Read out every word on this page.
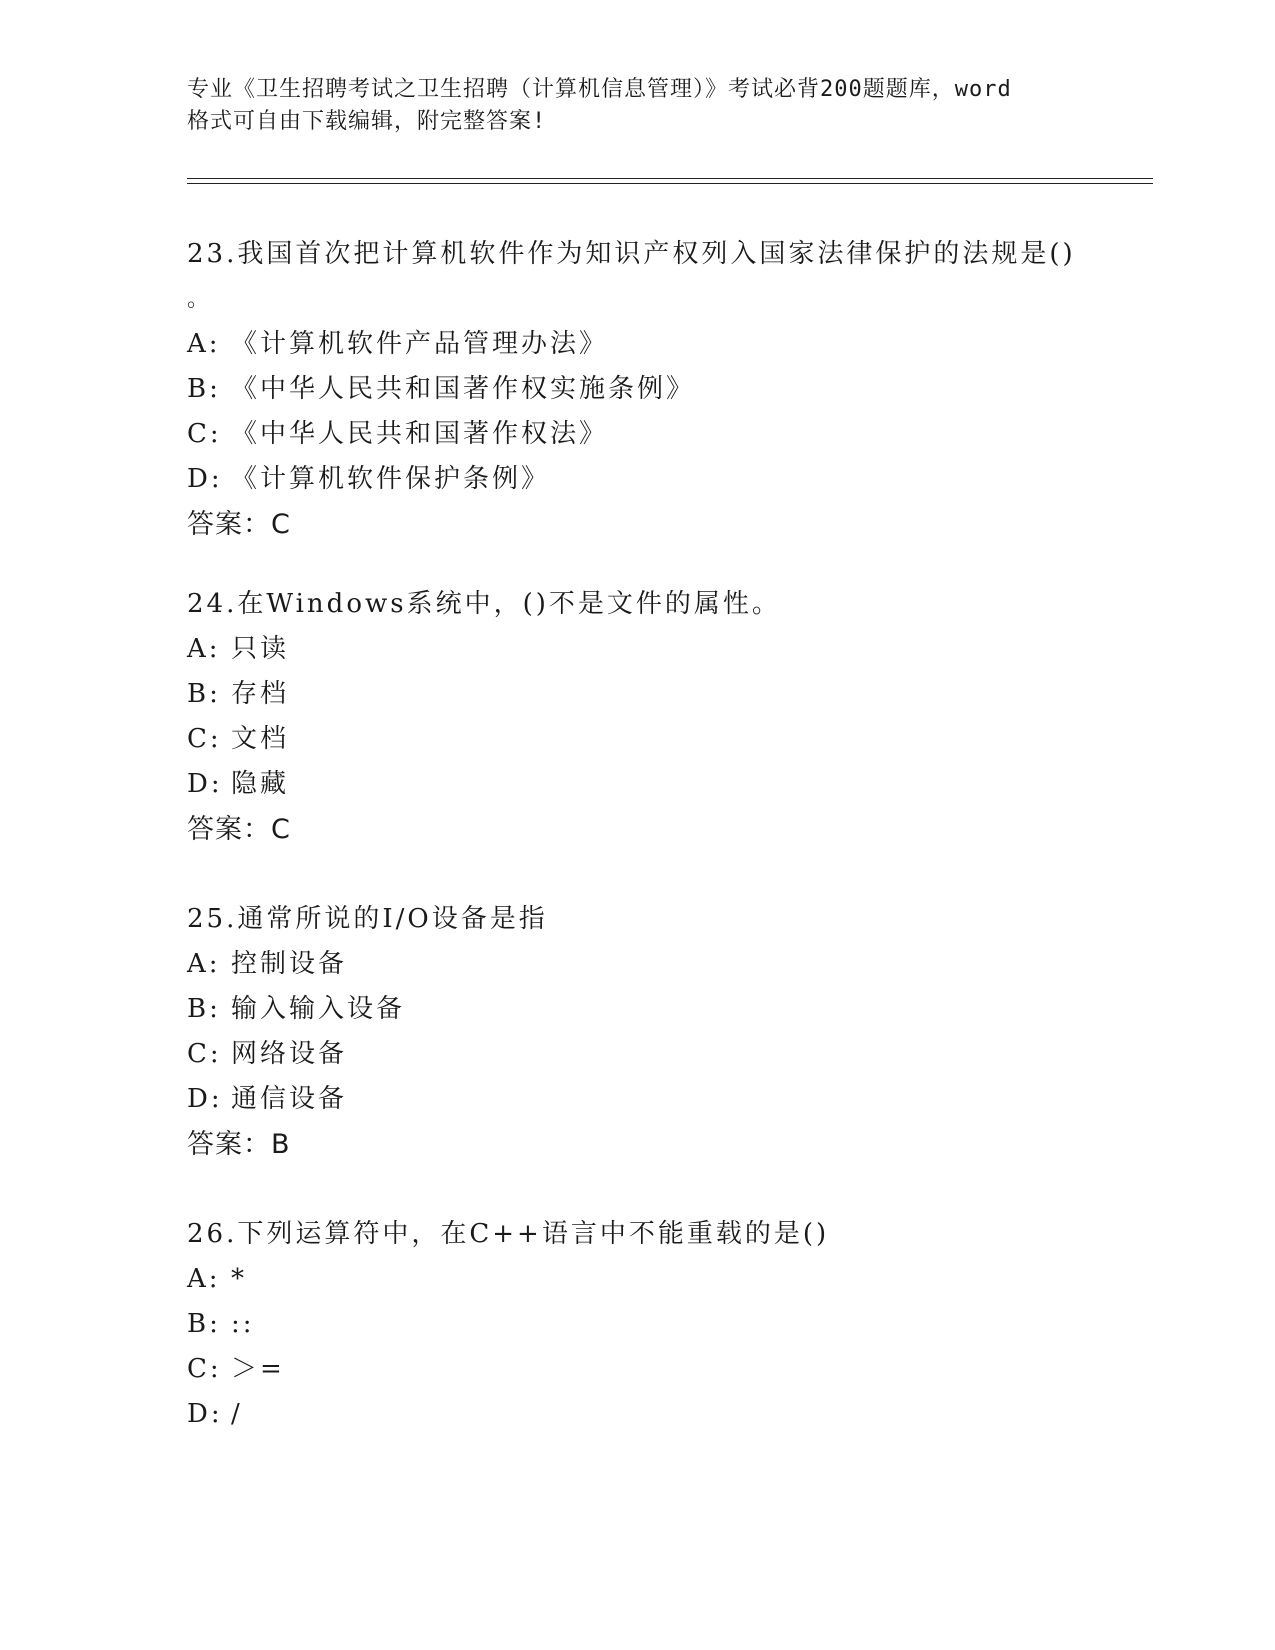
专业《卫生招聘考试之卫生招聘（计算机信息管理）》考试必背200题题库，word
格式可自由下载编辑，附完整答案!
23.我国首次把计算机软件作为知识产权列入国家法律保护的法规是()
。
A: 《计算机软件产品管理办法》
B: 《中华人民共和国著作权实施条例》
C: 《中华人民共和国著作权法》
D: 《计算机软件保护条例》
答案：C
24.在Windows系统中，()不是文件的属性。
A: 只读
B: 存档
C: 文档
D: 隐藏
答案：C
25.通常所说的I/O设备是指
A: 控制设备
B: 输入输入设备
C: 网络设备
D: 通信设备
答案：B
26.下列运算符中，在C++语言中不能重载的是()
A: *
B: ::
C: ＞=
D: /
